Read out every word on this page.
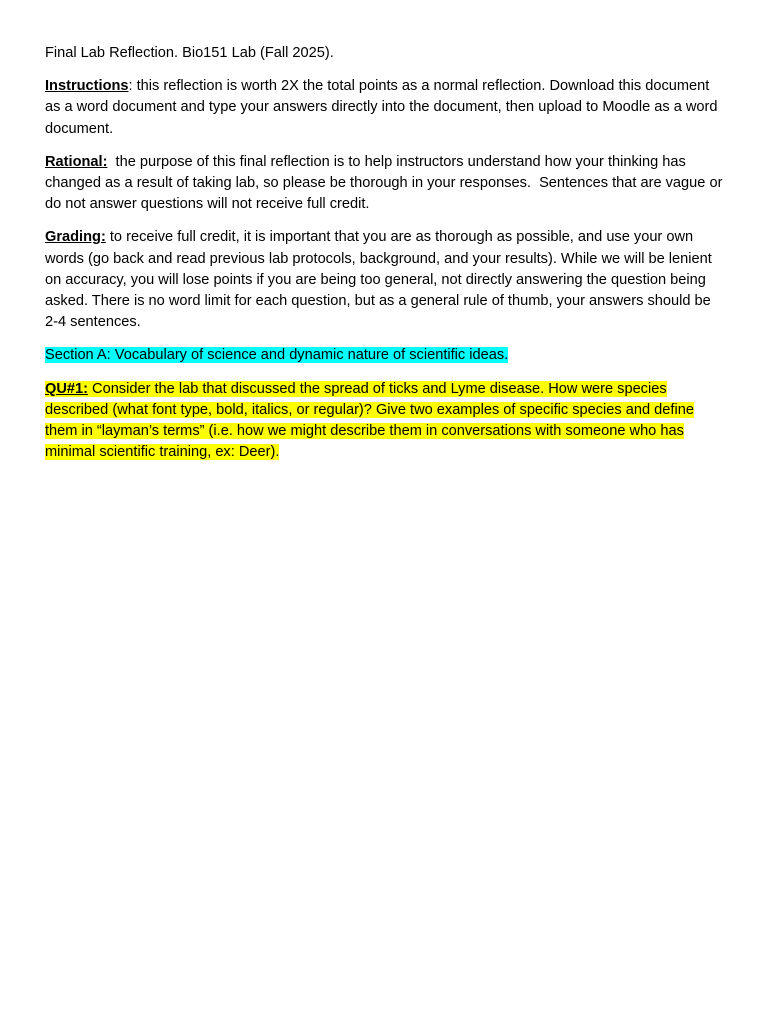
Final Lab Reflection. Bio151 Lab (Fall 2025).

Instructions: this reflection is worth 2X the total points as a normal reflection. Download this document as a word document and type your answers directly into the document, then upload to Moodle as a word document.

Rational:  the purpose of this final reflection is to help instructors understand how your thinking has changed as a result of taking lab, so please be thorough in your responses.  Sentences that are vague or do not answer questions will not receive full credit.

Grading: to receive full credit, it is important that you are as thorough as possible, and use your own words (go back and read previous lab protocols, background, and your results). While we will be lenient on accuracy, you will lose points if you are being too general, not directly answering the question being asked. There is no word limit for each question, but as a general rule of thumb, your answers should be 2-4 sentences.

Section A: Vocabulary of science and dynamic nature of scientific ideas.

QU#1: Consider the lab that discussed the spread of ticks and Lyme disease. How were species described (what font type, bold, italics, or regular)? Give two examples of specific species and define them in “layman’s terms” (i.e. how we might describe them in conversations with someone who has minimal scientific training, ex: Deer).
